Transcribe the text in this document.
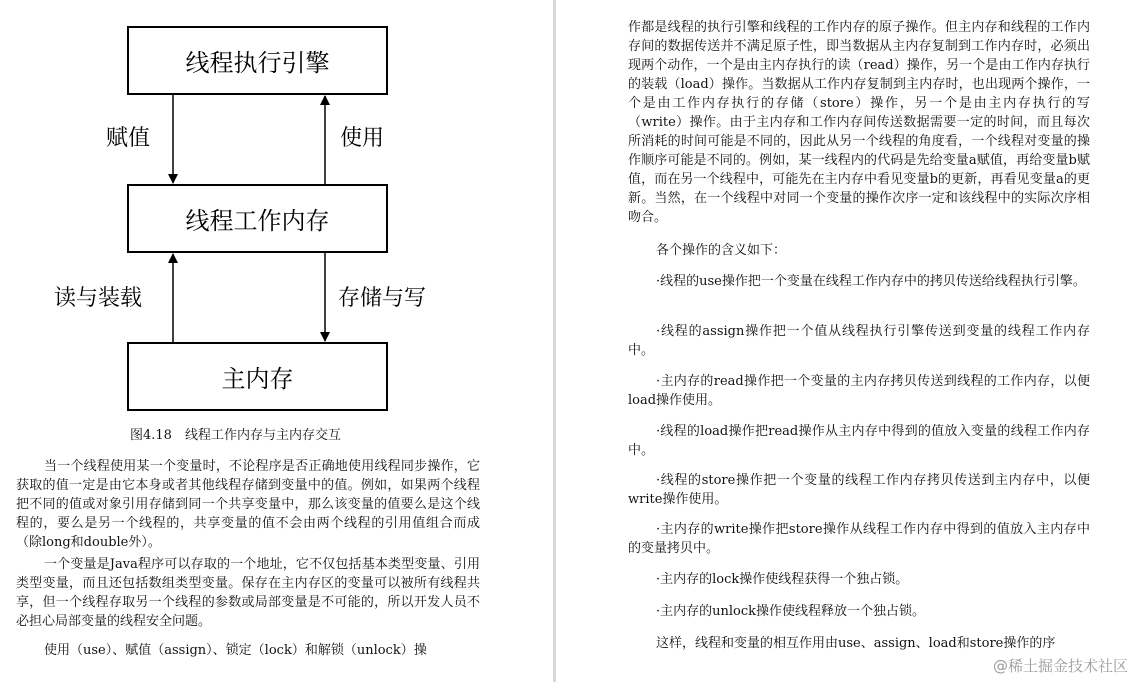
线程执行引擎
线程工作内存
主内存
赋值	使用
读与装载	存储与写
图4.18 线程工作内存与主内存交互

当一个线程使用某一个变量时，不论程序是否正确地使用线程同步操作，它获取的值一定是由它本身或者其他线程存储到变量中的值。例如，如果两个线程把不同的值或对象引用存储到同一个共享变量中，那么该变量的值要么是这个线程的，要么是另一个线程的，共享变量的值不会由两个线程的引用值组合而成（除long和double外）。

一个变量是Java程序可以存取的一个地址，它不仅包括基本类型变量、引用类型变量，而且还包括数组类型变量。保存在主内存区的变量可以被所有线程共享，但一个线程存取另一个线程的参数或局部变量是不可能的，所以开发人员不必担心局部变量的线程安全问题。

使用（use）、赋值（assign）、锁定（lock）和解锁（unlock）操

作都是线程的执行引擎和线程的工作内存的原子操作。但主内存和线程的工作内存间的数据传送并不满足原子性，即当数据从主内存复制到工作内存时，必须出现两个动作，一个是由主内存执行的读（read）操作，另一个是由工作内存执行的装载（load）操作。当数据从工作内存复制到主内存时，也出现两个操作，一个是由工作内存执行的存储（store）操作，另一个是由主内存执行的写（write）操作。由于主内存和工作内存间传送数据需要一定的时间，而且每次所消耗的时间可能是不同的，因此从另一个线程的角度看，一个线程对变量的操作顺序可能是不同的。例如，某一线程内的代码是先给变量a赋值，再给变量b赋值，而在另一个线程中，可能先在主内存中看见变量b的更新，再看见变量a的更新。当然，在一个线程中对同一个变量的操作次序一定和该线程中的实际次序相吻合。

各个操作的含义如下：

·线程的use操作把一个变量在线程工作内存中的拷贝传送给线程执行引擎。

·线程的assign操作把一个值从线程执行引擎传送到变量的线程工作内存中。

·主内存的read操作把一个变量的主内存拷贝传送到线程的工作内存，以便load操作使用。

·线程的load操作把read操作从主内存中得到的值放入变量的线程工作内存中。

·线程的store操作把一个变量的线程工作内存拷贝传送到主内存中，以便write操作使用。

·主内存的write操作把store操作从线程工作内存中得到的值放入主内存中的变量拷贝中。

·主内存的lock操作使线程获得一个独占锁。

·主内存的unlock操作使线程释放一个独占锁。

这样，线程和变量的相互作用由use、assign、load和store操作的序

@稀土掘金技术社区
